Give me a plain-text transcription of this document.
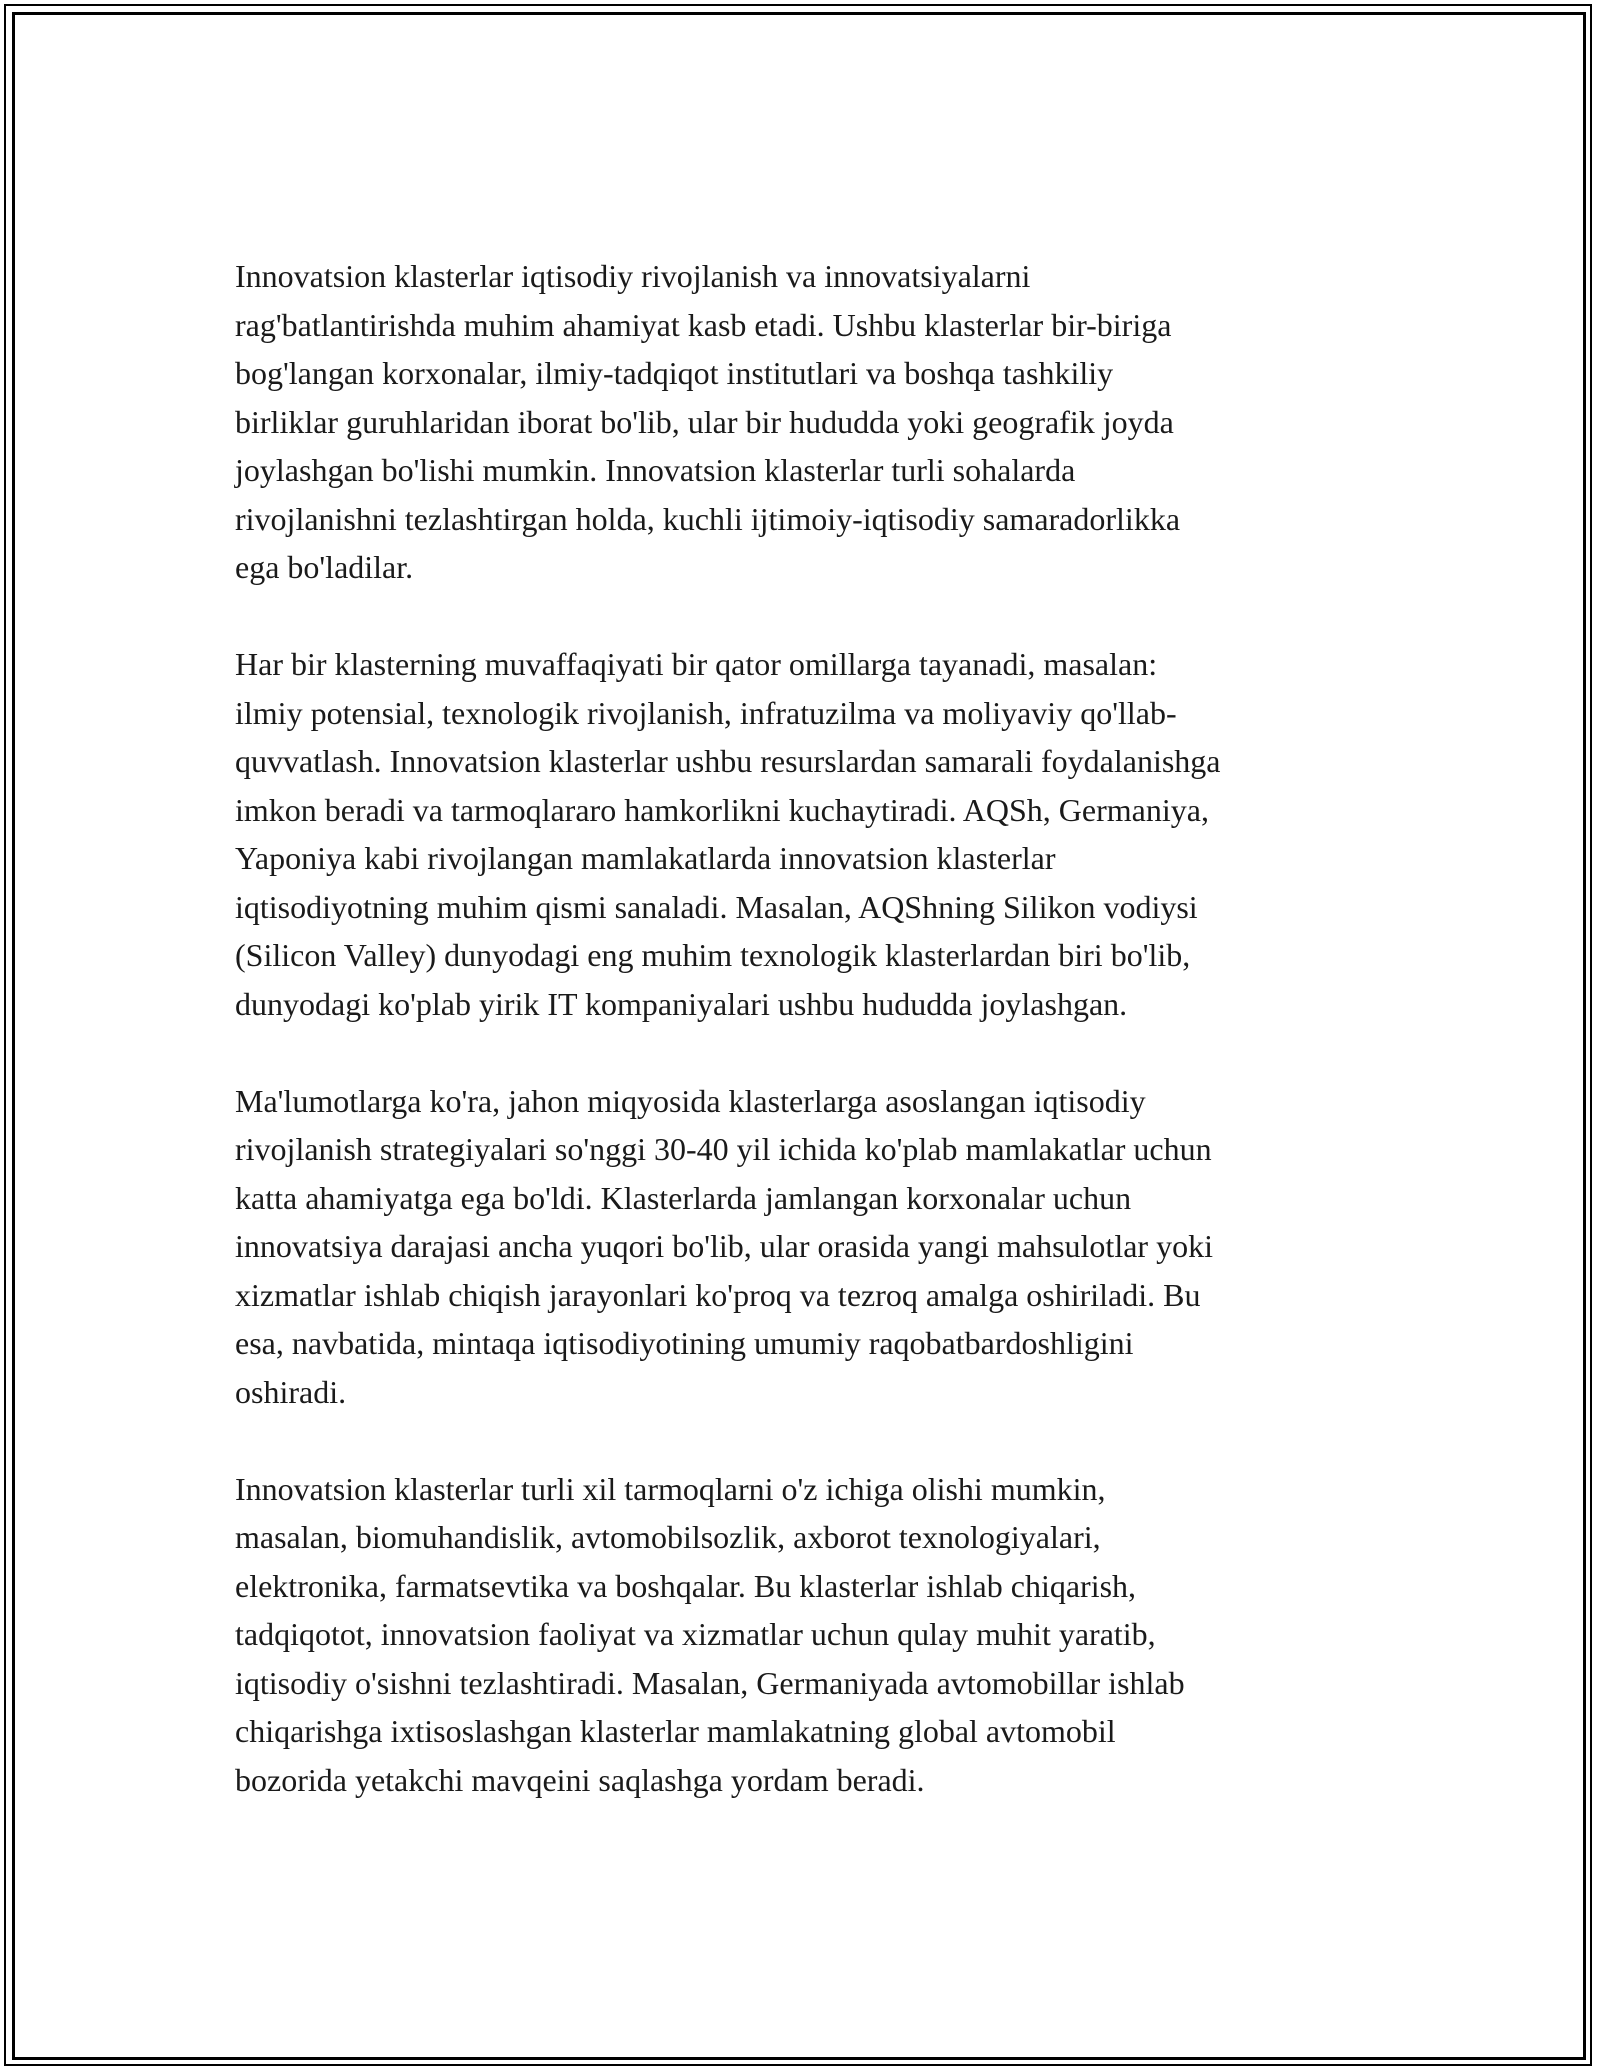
Innovatsion klasterlar iqtisodiy rivojlanish va innovatsiyalarni
rag'batlantirishda muhim ahamiyat kasb etadi. Ushbu klasterlar bir-biriga
bog'langan korxonalar, ilmiy-tadqiqot institutlari va boshqa tashkiliy
birliklar guruhlaridan iborat bo'lib, ular bir hududda yoki geografik joyda
joylashgan bo'lishi mumkin. Innovatsion klasterlar turli sohalarda
rivojlanishni tezlashtirgan holda, kuchli ijtimoiy-iqtisodiy samaradorlikka
ega bo'ladilar.

Har bir klasterning muvaffaqiyati bir qator omillarga tayanadi, masalan:
ilmiy potensial, texnologik rivojlanish, infratuzilma va moliyaviy qo'llab-
quvvatlash. Innovatsion klasterlar ushbu resurslardan samarali foydalanishga
imkon beradi va tarmoqlararo hamkorlikni kuchaytiradi. AQSh, Germaniya,
Yaponiya kabi rivojlangan mamlakatlarda innovatsion klasterlar
iqtisodiyotning muhim qismi sanaladi. Masalan, AQShning Silikon vodiysi
(Silicon Valley) dunyodagi eng muhim texnologik klasterlardan biri bo'lib,
dunyodagi ko'plab yirik IT kompaniyalari ushbu hududda joylashgan.

Ma'lumotlarga ko'ra, jahon miqyosida klasterlarga asoslangan iqtisodiy
rivojlanish strategiyalari so'nggi 30-40 yil ichida ko'plab mamlakatlar uchun
katta ahamiyatga ega bo'ldi. Klasterlarda jamlangan korxonalar uchun
innovatsiya darajasi ancha yuqori bo'lib, ular orasida yangi mahsulotlar yoki
xizmatlar ishlab chiqish jarayonlari ko'proq va tezroq amalga oshiriladi. Bu
esa, navbatida, mintaqa iqtisodiyotining umumiy raqobatbardoshligini
oshiradi.

Innovatsion klasterlar turli xil tarmoqlarni o'z ichiga olishi mumkin,
masalan, biomuhandislik, avtomobilsozlik, axborot texnologiyalari,
elektronika, farmatsevtika va boshqalar. Bu klasterlar ishlab chiqarish,
tadqiqotot, innovatsion faoliyat va xizmatlar uchun qulay muhit yaratib,
iqtisodiy o'sishni tezlashtiradi. Masalan, Germaniyada avtomobillar ishlab
chiqarishga ixtisoslashgan klasterlar mamlakatning global avtomobil
bozorida yetakchi mavqeini saqlashga yordam beradi.
